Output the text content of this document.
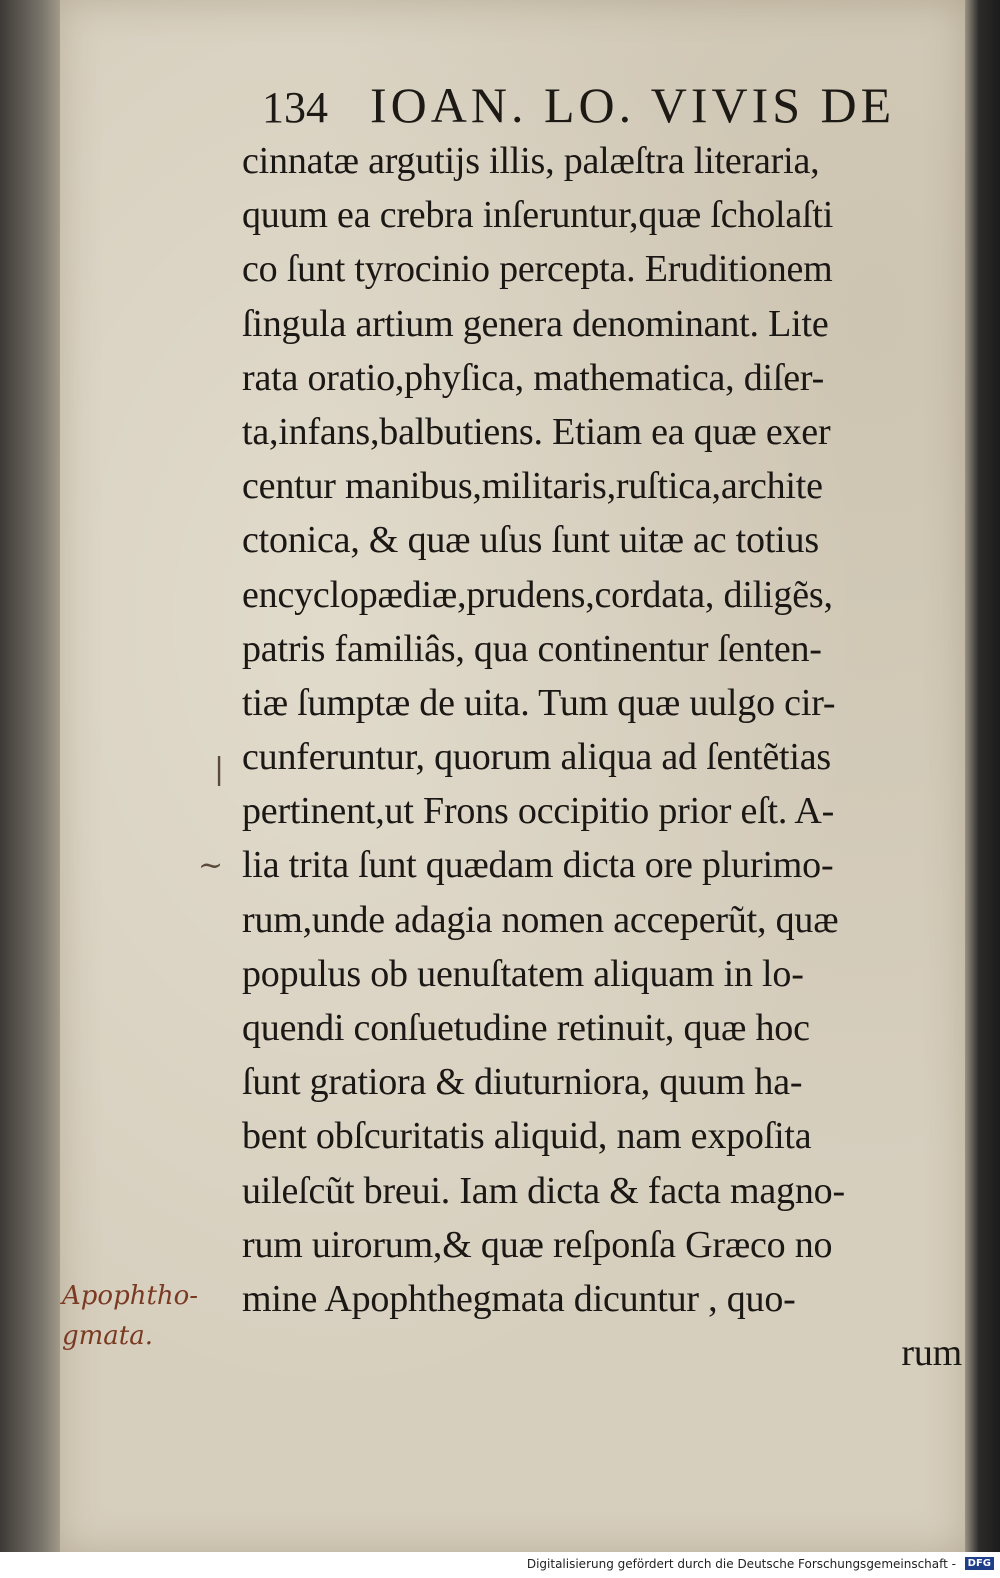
134 IOAN. LO. VIVIS DE
cinnatæ argutijs illis, palæſtra literaria,
quum ea crebra inſeruntur,quæ ſcholaſti
co ſunt tyrocinio percepta. Eruditionem
ſingula artium genera denominant. Lite
rata oratio,phyſica, mathematica, diſer-
ta,infans,balbutiens. Etiam ea quæ exer
centur manibus,militaris,ruſtica,archite
ctonica, & quæ uſus ſunt uitæ ac totius
encyclopædiæ,prudens,cordata, diligẽs,
patris familiâs, qua continentur ſenten-
tiæ ſumptæ de uita. Tum quæ uulgo cir-
cunferuntur, quorum aliqua ad ſentẽtias
pertinent,ut Frons occipitio prior eſt. A-
lia trita ſunt quædam dicta ore plurimo-
rum,unde adagia nomen acceperũt, quæ
populus ob uenuſtatem aliquam in lo-
quendi conſuetudine retinuit, quæ hoc
ſunt gratiora & diuturniora, quum ha-
bent obſcuritatis aliquid, nam expoſita
uileſcũt breui. Iam dicta & facta magno-
rum uirorum,& quæ reſponſa Græco no
mine Apophthegmata dicuntur , quo-
rum
Apophtho- gmata.
|
~
Digitalisierung gefördert durch die Deutsche Forschungsgemeinschaft -	DFG
